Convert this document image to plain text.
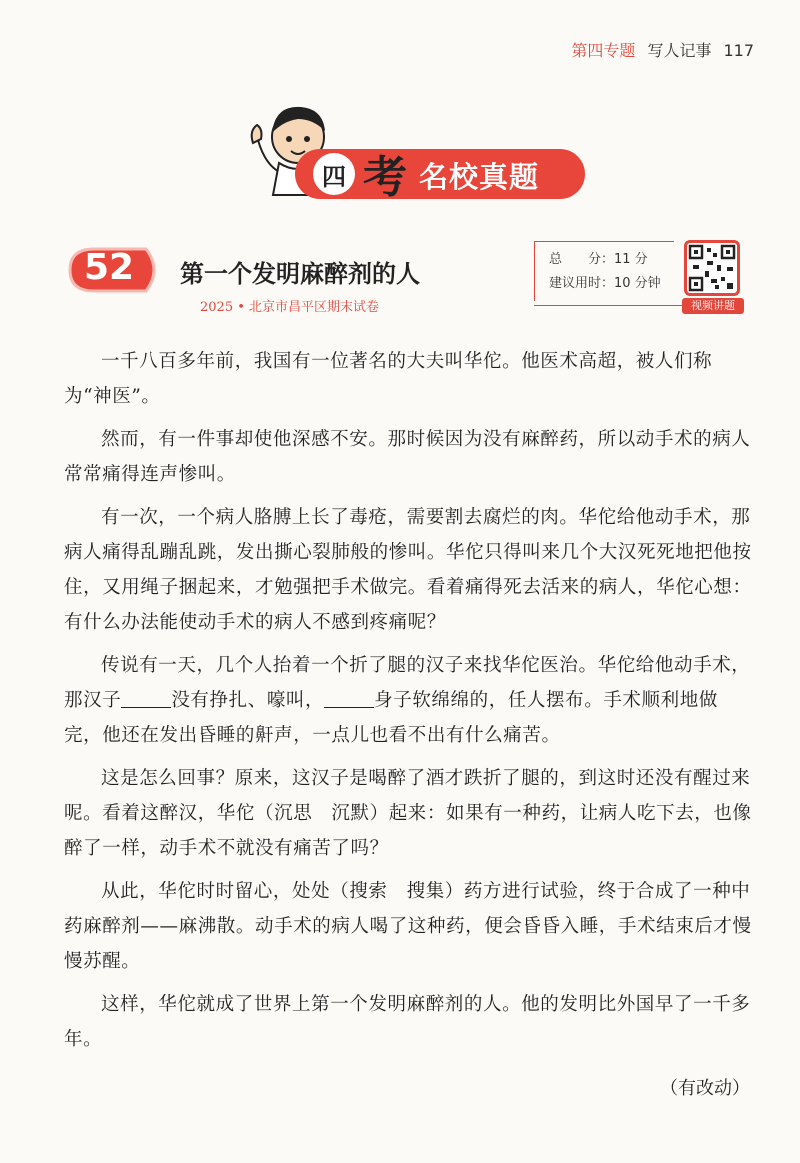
第四专题 写人记事 117
四 考 名校真题
52 第一个发明麻醉剂的人
2025 • 北京市昌平区期末试卷
总　　分：11 分
建议用时：10 分钟
视频讲题

一千八百多年前，我国有一位著名的大夫叫华佗。他医术高超，被人们称为“神医”。

然而，有一件事却使他深感不安。那时候因为没有麻醉药，所以动手术的病人常常痛得连声惨叫。

有一次，一个病人胳膊上长了毒疮，需要割去腐烂的肉。华佗给他动手术，那病人痛得乱蹦乱跳，发出撕心裂肺般的惨叫。华佗只得叫来几个大汉死死地把他按住，又用绳子捆起来，才勉强把手术做完。看着痛得死去活来的病人，华佗心想：有什么办法能使动手术的病人不感到疼痛呢？

传说有一天，几个人抬着一个折了腿的汉子来找华佗医治。华佗给他动手术，那汉子	没有挣扎、嚎叫，	身子软绵绵的，任人摆布。手术顺利地做完，他还在发出昏睡的鼾声，一点儿也看不出有什么痛苦。

这是怎么回事？原来，这汉子是喝醉了酒才跌折了腿的，到这时还没有醒过来呢。看着这醉汉，华佗（沉思　沉默）起来：如果有一种药，让病人吃下去，也像醉了一样，动手术不就没有痛苦了吗？

从此，华佗时时留心，处处（搜索　搜集）药方进行试验，终于合成了一种中药麻醉剂——麻沸散。动手术的病人喝了这种药，便会昏昏入睡，手术结束后才慢慢苏醒。

这样，华佗就成了世界上第一个发明麻醉剂的人。他的发明比外国早了一千多年。

（有改动）
